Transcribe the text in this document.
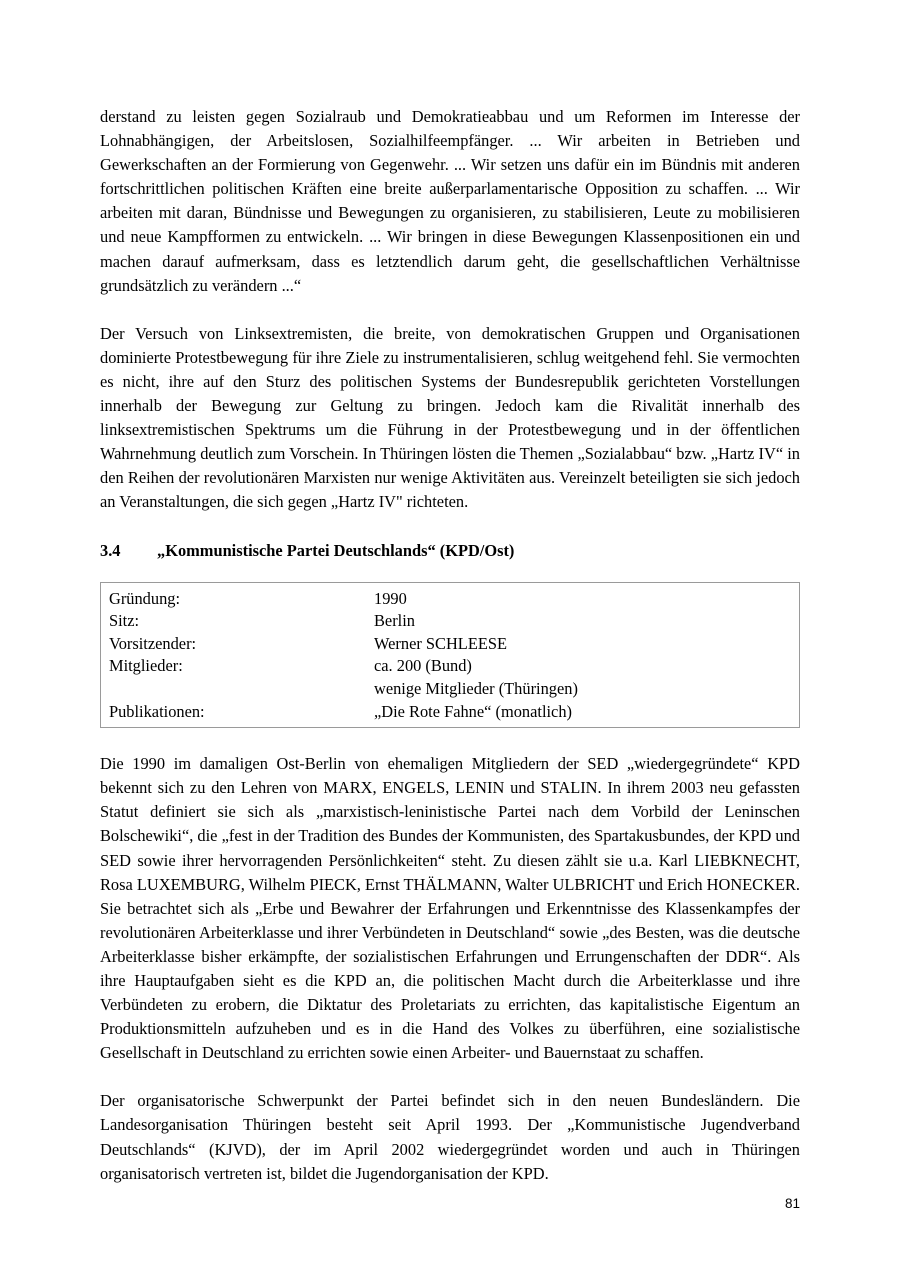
derstand zu leisten gegen Sozialraub und Demokratieabbau und um Reformen im Interesse der Lohnabhängigen, der Arbeitslosen, Sozialhilfeempfänger. ... Wir arbeiten in Betrieben und Gewerkschaften an der Formierung von Gegenwehr. ... Wir setzen uns dafür ein im Bündnis mit anderen fortschrittlichen politischen Kräften eine breite außerparlamentarische Opposition zu schaffen. ... Wir arbeiten mit daran, Bündnisse und Bewegungen zu organisieren, zu stabilisieren, Leute zu mobilisieren und neue Kampfformen zu entwickeln. ... Wir bringen in diese Bewegungen Klassenpositionen ein und machen darauf aufmerksam, dass es letztendlich darum geht, die gesellschaftlichen Verhältnisse grundsätzlich zu verändern ...“

Der Versuch von Linksextremisten, die breite, von demokratischen Gruppen und Organisationen dominierte Protestbewegung für ihre Ziele zu instrumentalisieren, schlug weitgehend fehl. Sie vermochten es nicht, ihre auf den Sturz des politischen Systems der Bundesrepublik gerichteten Vorstellungen innerhalb der Bewegung zur Geltung zu bringen. Jedoch kam die Rivalität innerhalb des linksextremistischen Spektrums um die Führung in der Protestbewegung und in der öffentlichen Wahrnehmung deutlich zum Vorschein. In Thüringen lösten die Themen „Sozialabbau“ bzw. „Hartz IV“ in den Reihen der revolutionären Marxisten nur wenige Aktivitäten aus. Vereinzelt beteiligten sie sich jedoch an Veranstaltungen, die sich gegen „Hartz IV" richteten.

3.4	„Kommunistische Partei Deutschlands“ (KPD/Ost)
Gründung:	1990
Sitz:	Berlin
Vorsitzender:	Werner SCHLEESE
Mitglieder:	ca. 200 (Bund)
	wenige Mitglieder (Thüringen)
Publikationen:	„Die Rote Fahne“ (monatlich)

Die 1990 im damaligen Ost-Berlin von ehemaligen Mitgliedern der SED „wiedergegründete“ KPD bekennt sich zu den Lehren von MARX, ENGELS, LENIN und STALIN. In ihrem 2003 neu gefassten Statut definiert sie sich als „marxistisch-leninistische Partei nach dem Vorbild der Leninschen Bolschewiki“, die „fest in der Tradition des Bundes der Kommunisten, des Spartakusbundes, der KPD und SED sowie ihrer hervorragenden Persönlichkeiten“ steht. Zu diesen zählt sie u.a. Karl LIEBKNECHT, Rosa LUXEMBURG, Wilhelm PIECK, Ernst THÄLMANN, Walter ULBRICHT und Erich HONECKER. Sie betrachtet sich als „Erbe und Bewahrer der Erfahrungen und Erkenntnisse des Klassenkampfes der revolutionären Arbeiterklasse und ihrer Verbündeten in Deutschland“ sowie „des Besten, was die deutsche Arbeiterklasse bisher erkämpfte, der sozialistischen Erfahrungen und Errungenschaften der DDR“. Als ihre Hauptaufgaben sieht es die KPD an, die politischen Macht durch die Arbeiterklasse und ihre Verbündeten zu erobern, die Diktatur des Proletariats zu errichten, das kapitalistische Eigentum an Produktionsmitteln aufzuheben und es in die Hand des Volkes zu überführen, eine sozialistische Gesellschaft in Deutschland zu errichten sowie einen Arbeiter- und Bauernstaat zu schaffen.

Der organisatorische Schwerpunkt der Partei befindet sich in den neuen Bundesländern. Die Landesorganisation Thüringen besteht seit April 1993. Der „Kommunistische Jugendverband Deutschlands“ (KJVD), der im April 2002 wiedergegründet worden und auch in Thüringen organisatorisch vertreten ist, bildet die Jugendorganisation der KPD.

81
